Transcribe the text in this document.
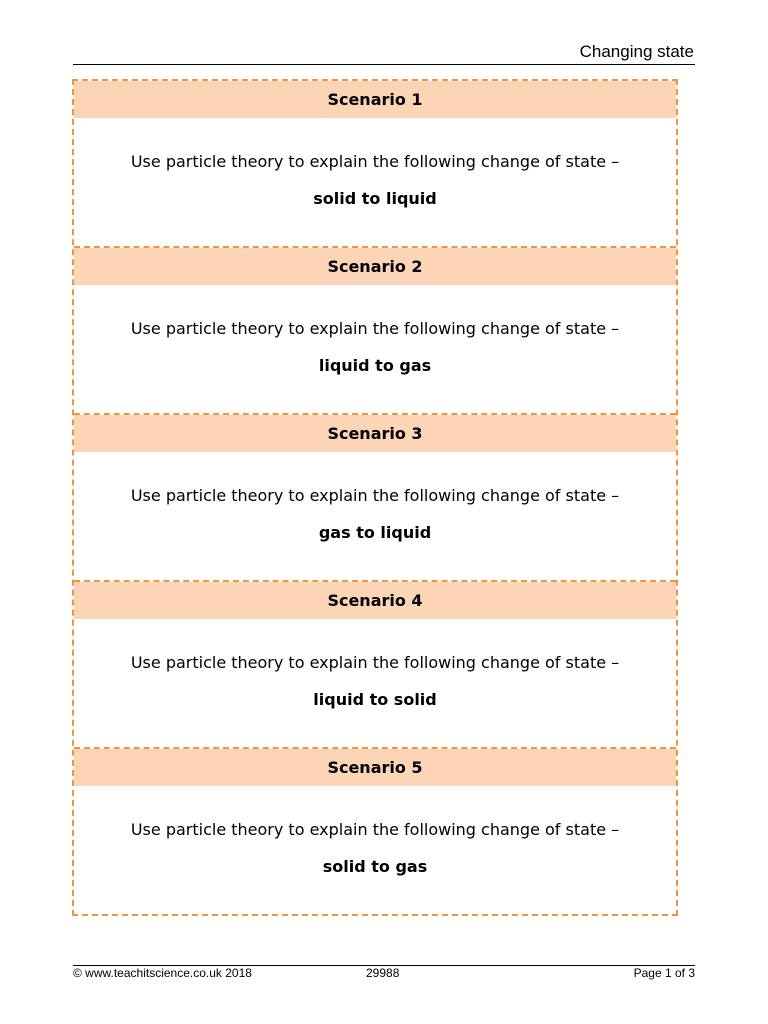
Changing state
Scenario 1
Use particle theory to explain the following change of state –
solid to liquid
Scenario 2
Use particle theory to explain the following change of state –
liquid to gas
Scenario 3
Use particle theory to explain the following change of state –
gas to liquid
Scenario 4
Use particle theory to explain the following change of state –
liquid to solid
Scenario 5
Use particle theory to explain the following change of state –
solid to gas
© www.teachitscience.co.uk 2018	29988	Page 1 of 3
